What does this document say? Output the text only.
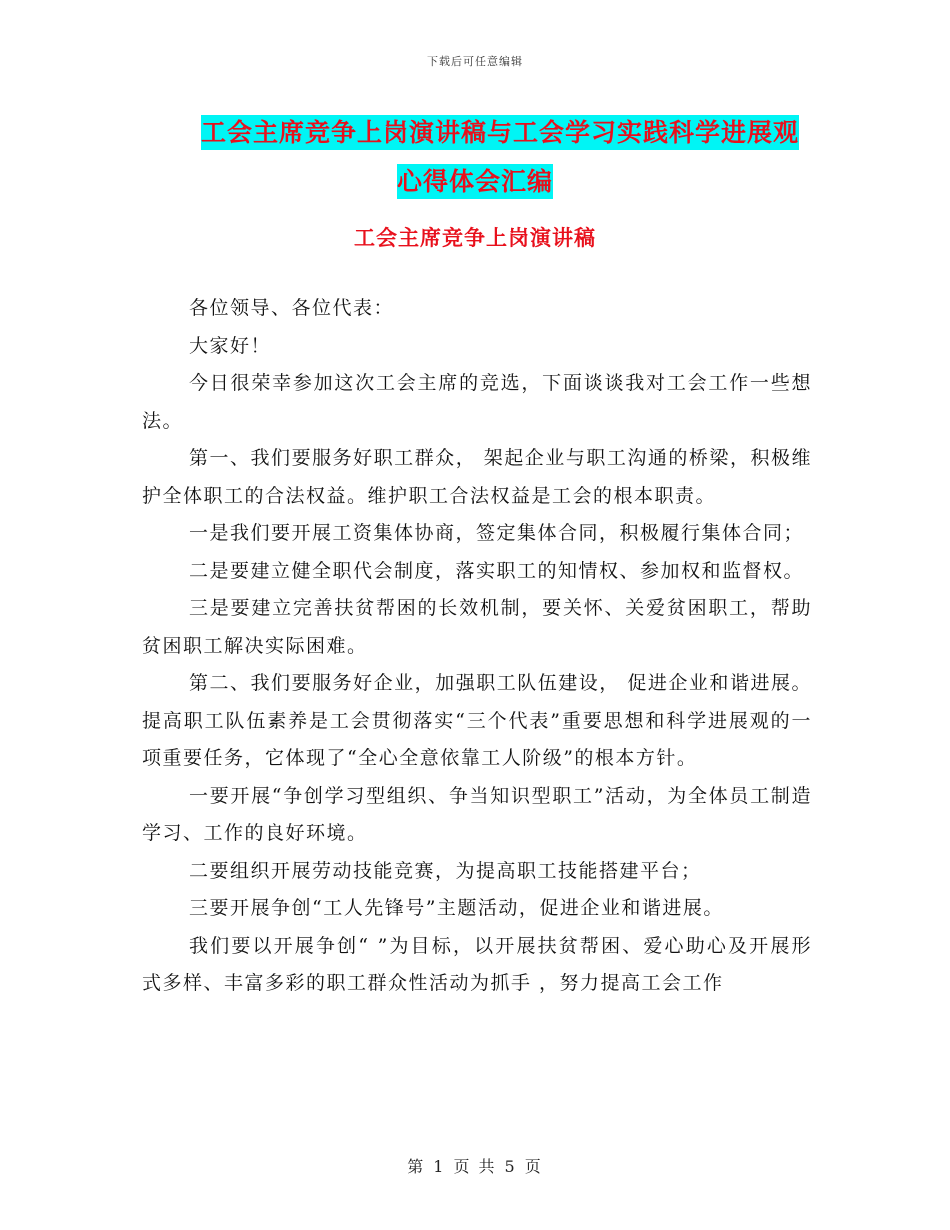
下载后可任意编辑
工会主席竞争上岗演讲稿与工会学习实践科学进展观
心得体会汇编
工会主席竞争上岗演讲稿

各位领导、各位代表：

大家好！

今日很荣幸参加这次工会主席的竞选，下面谈谈我对工会工作一些想法。

第一、我们要服务好职工群众， 架起企业与职工沟通的桥梁，积极维护全体职工的合法权益。维护职工合法权益是工会的根本职责。

一是我们要开展工资集体协商，签定集体合同，积极履行集体合同；

二是要建立健全职代会制度，落实职工的知情权、参加权和监督权。

三是要建立完善扶贫帮困的长效机制，要关怀、关爱贫困职工，帮助贫困职工解决实际困难。

第二、我们要服务好企业，加强职工队伍建设， 促进企业和谐进展。提高职工队伍素养是工会贯彻落实“三个代表”重要思想和科学进展观的一项重要任务，它体现了“全心全意依靠工人阶级”的根本方针。

一要开展“争创学习型组织、争当知识型职工”活动，为全体员工制造学习、工作的良好环境。

二要组织开展劳动技能竞赛，为提高职工技能搭建平台；

三要开展争创“工人先锋号”主题活动，促进企业和谐进展。

我们要以开展争创“ ”为目标，以开展扶贫帮困、爱心助心及开展形式多样、丰富多彩的职工群众性活动为抓手 ，努力提高工会工作

第 1 页 共 5 页
